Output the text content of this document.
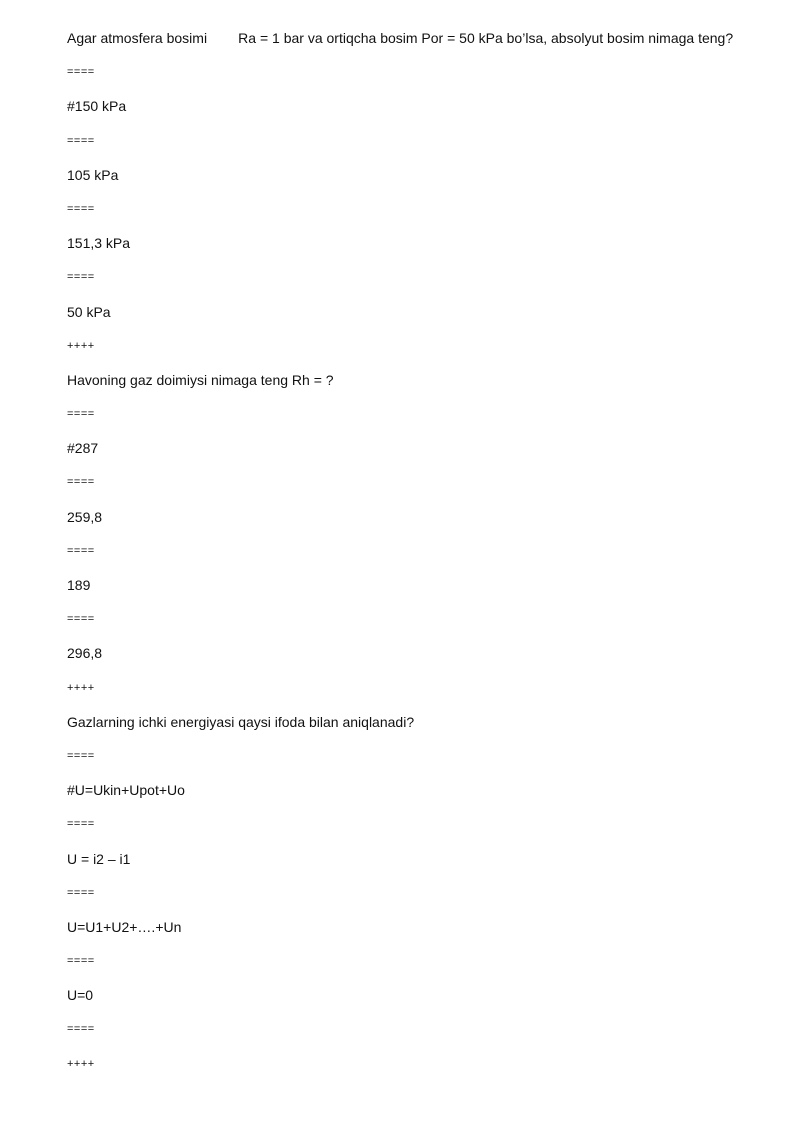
Agar atmosfera bosimi        Ra = 1 bar va ortiqcha bosim Por = 50 kPa bo’lsa, absolyut bosim nimaga teng?
====
#150 kPa
====
105 kPa
====
151,3 kPa
====
50 kPa
++++
Havoning gaz doimiysi nimaga teng Rh = ?
====
#287
====
259,8
====
189
====
296,8
++++
Gazlarning ichki energiyasi qaysi ifoda bilan aniqlanadi?
====
#U=Ukin+Upot+Uo
====
U = i2 – i1
====
U=U1+U2+….+Un
====
U=0
====
++++
